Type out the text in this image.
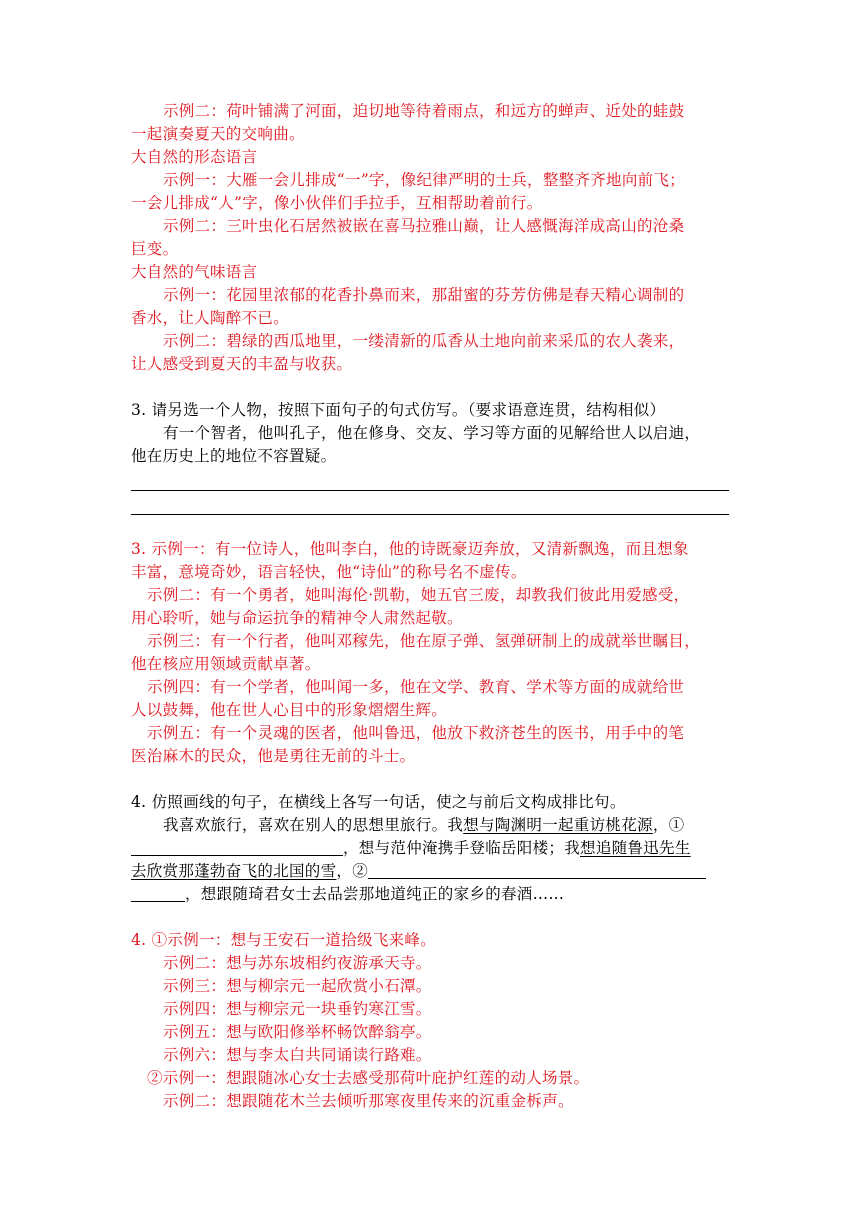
示例二：荷叶铺满了河面，迫切地等待着雨点，和远方的蝉声、近处的蛙鼓
一起演奏夏天的交响曲。
大自然的形态语言
示例一：大雁一会儿排成“一”字，像纪律严明的士兵，整整齐齐地向前飞；
一会儿排成“人”字，像小伙伴们手拉手，互相帮助着前行。
示例二：三叶虫化石居然被嵌在喜马拉雅山巅，让人感慨海洋成高山的沧桑
巨变。
大自然的气味语言
示例一：花园里浓郁的花香扑鼻而来，那甜蜜的芬芳仿佛是春天精心调制的
香水，让人陶醉不已。
示例二：碧绿的西瓜地里，一缕清新的瓜香从土地向前来采瓜的农人袭来，
让人感受到夏天的丰盈与收获。
3. 请另选一个人物，按照下面句子的句式仿写。（要求语意连贯，结构相似）
有一个智者，他叫孔子，他在修身、交友、学习等方面的见解给世人以启迪，
他在历史上的地位不容置疑。
3. 示例一：有一位诗人，他叫李白，他的诗既豪迈奔放，又清新飘逸，而且想象
丰富，意境奇妙，语言轻快，他“诗仙”的称号名不虚传。
示例二：有一个勇者，她叫海伦·凯勒，她五官三废，却教我们彼此用爱感受，
用心聆听，她与命运抗争的精神令人肃然起敬。
示例三：有一个行者，他叫邓稼先，他在原子弹、氢弹研制上的成就举世瞩目，
他在核应用领域贡献卓著。
示例四：有一个学者，他叫闻一多，他在文学、教育、学术等方面的成就给世
人以鼓舞，他在世人心目中的形象熠熠生辉。
示例五：有一个灵魂的医者，他叫鲁迅，他放下救济苍生的医书，用手中的笔
医治麻木的民众，他是勇往无前的斗士。
4. 仿照画线的句子，在横线上各写一句话，使之与前后文构成排比句。
我喜欢旅行，喜欢在别人的思想里旅行。我想与陶渊明一起重访桃花源，①
，想与范仲淹携手登临岳阳楼；我想追随鲁迅先生
去欣赏那蓬勃奋飞的北国的雪，②
，想跟随琦君女士去品尝那地道纯正的家乡的春酒……
4. ①示例一：想与王安石一道拾级飞来峰。
示例二：想与苏东坡相约夜游承天寺。
示例三：想与柳宗元一起欣赏小石潭。
示例四：想与柳宗元一块垂钓寒江雪。
示例五：想与欧阳修举杯畅饮醉翁亭。
示例六：想与李太白共同诵读行路难。
②示例一：想跟随冰心女士去感受那荷叶庇护红莲的动人场景。
示例二：想跟随花木兰去倾听那寒夜里传来的沉重金柝声。
